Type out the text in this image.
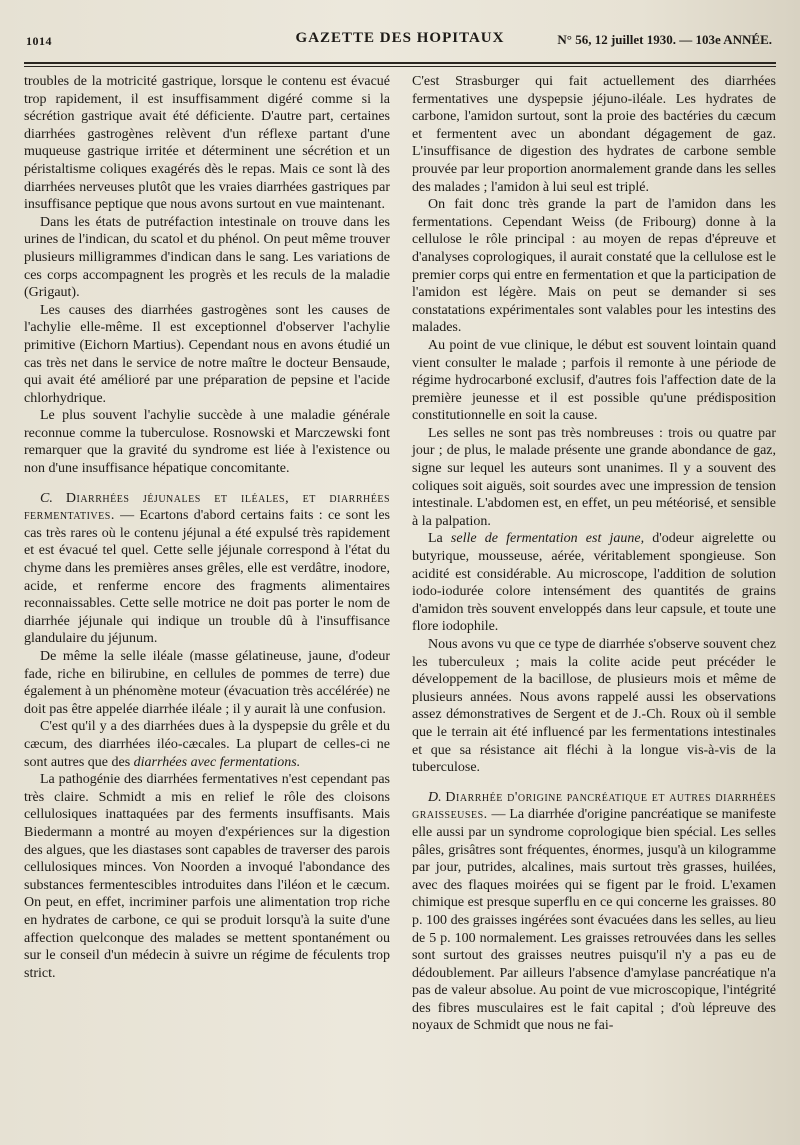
1014	GAZETTE DES HOPITAUX	N° 56, 12 juillet 1930. — 103e ANNÉE.

troubles de la motricité gastrique, lorsque le contenu est évacué trop rapidement, il est insuffisamment digéré comme si la sécrétion gastrique avait été déficiente. D'autre part, certaines diarrhées gastrogènes relèvent d'un réflexe partant d'une muqueuse gastrique irritée et déterminent une sécrétion et un péristaltisme coliques exagérés dès le repas. Mais ce sont là des diarrhées nerveuses plutôt que les vraies diarrhées gastriques par insuffisance peptique que nous avons surtout en vue maintenant.

Dans les états de putréfaction intestinale on trouve dans les urines de l'indican, du scatol et du phénol. On peut même trouver plusieurs milligrammes d'indican dans le sang. Les variations de ces corps accompagnent les progrès et les reculs de la maladie (Grigaut).

Les causes des diarrhées gastrogènes sont les causes de l'achylie elle-même. Il est exceptionnel d'observer l'achylie primitive (Eichorn Martius). Cependant nous en avons étudié un cas très net dans le service de notre maître le docteur Bensaude, qui avait été amélioré par une préparation de pepsine et l'acide chlorhydrique.

Le plus souvent l'achylie succède à une maladie générale reconnue comme la tuberculose. Rosnowski et Marczewski font remarquer que la gravité du syndrome est liée à l'existence ou non d'une insuffisance hépatique concomitante.

C. Diarrhées jéjunales et iléales, et diarrhées fermentatives. — Ecartons d'abord certains faits : ce sont les cas très rares où le contenu jéjunal a été expulsé très rapidement et est évacué tel quel. Cette selle jéjunale correspond à l'état du chyme dans les premières anses grêles, elle est verdâtre, inodore, acide, et renferme encore des fragments alimentaires reconnaissables. Cette selle motrice ne doit pas porter le nom de diarrhée jéjunale qui indique un trouble dû à l'insuffisance glandulaire du jéjunum.

De même la selle iléale (masse gélatineuse, jaune, d'odeur fade, riche en bilirubine, en cellules de pommes de terre) due également à un phénomène moteur (évacuation très accélérée) ne doit pas être appelée diarrhée iléale ; il y aurait là une confusion.

C'est qu'il y a des diarrhées dues à la dyspepsie du grêle et du cæcum, des diarrhées iléo-cæcales. La plupart de celles-ci ne sont autres que des diarrhées avec fermentations.

La pathogénie des diarrhées fermentatives n'est cependant pas très claire. Schmidt a mis en relief le rôle des cloisons cellulosiques inattaquées par des ferments insuffisants. Mais Biedermann a montré au moyen d'expériences sur la digestion des algues, que les diastases sont capables de traverser des parois cellulosiques minces. Von Noorden a invoqué l'abondance des substances fermentescibles introduites dans l'iléon et le cæcum. On peut, en effet, incriminer parfois une alimentation trop riche en hydrates de carbone, ce qui se produit lorsqu'à la suite d'une affection quelconque des malades se mettent spontanément ou sur le conseil d'un médecin à suivre un régime de féculents trop strict.

C'est Strasburger qui fait actuellement des diarrhées fermentatives une dyspepsie jéjuno-iléale. Les hydrates de carbone, l'amidon surtout, sont la proie des bactéries du cæcum et fermentent avec un abondant dégagement de gaz. L'insuffisance de digestion des hydrates de carbone semble prouvée par leur proportion anormalement grande dans les selles des malades ; l'amidon à lui seul est triplé.

On fait donc très grande la part de l'amidon dans les fermentations. Cependant Weiss (de Fribourg) donne à la cellulose le rôle principal : au moyen de repas d'épreuve et d'analyses coprologiques, il aurait constaté que la cellulose est le premier corps qui entre en fermentation et que la participation de l'amidon est légère. Mais on peut se demander si ses constatations expérimentales sont valables pour les intestins des malades.

Au point de vue clinique, le début est souvent lointain quand vient consulter le malade ; parfois il remonte à une période de régime hydrocarboné exclusif, d'autres fois l'affection date de la première jeunesse et il est possible qu'une prédisposition constitutionnelle en soit la cause.

Les selles ne sont pas très nombreuses : trois ou quatre par jour ; de plus, le malade présente une grande abondance de gaz, signe sur lequel les auteurs sont unanimes. Il y a souvent des coliques soit aiguës, soit sourdes avec une impression de tension intestinale. L'abdomen est, en effet, un peu météorisé, et sensible à la palpation.

La selle de fermentation est jaune, d'odeur aigrelette ou butyrique, mousseuse, aérée, véritablement spongieuse. Son acidité est considérable. Au microscope, l'addition de solution iodo-iodurée colore intensément des quantités de grains d'amidon très souvent enveloppés dans leur capsule, et toute une flore iodophile.

Nous avons vu que ce type de diarrhée s'observe souvent chez les tuberculeux ; mais la colite acide peut précéder le développement de la bacillose, de plusieurs mois et même de plusieurs années. Nous avons rappelé aussi les observations assez démonstratives de Sergent et de J.-Ch. Roux où il semble que le terrain ait été influencé par les fermentations intestinales et que sa résistance ait fléchi à la longue vis-à-vis de la tuberculose.

D. Diarrhée d'origine pancréatique et autres diarrhées graisseuses. — La diarrhée d'origine pancréatique se manifeste elle aussi par un syndrome coprologique bien spécial. Les selles pâles, grisâtres sont fréquentes, énormes, jusqu'à un kilogramme par jour, putrides, alcalines, mais surtout très grasses, huilées, avec des flaques moirées qui se figent par le froid. L'examen chimique est presque superflu en ce qui concerne les graisses. 80 p. 100 des graisses ingérées sont évacuées dans les selles, au lieu de 5 p. 100 normalement. Les graisses retrouvées dans les selles sont surtout des graisses neutres puisqu'il n'y a pas eu de dédoublement. Par ailleurs l'absence d'amylase pancréatique n'a pas de valeur absolue. Au point de vue microscopique, l'intégrité des fibres musculaires est le fait capital ; d'où lépreuve des noyaux de Schmidt que nous ne fai-
